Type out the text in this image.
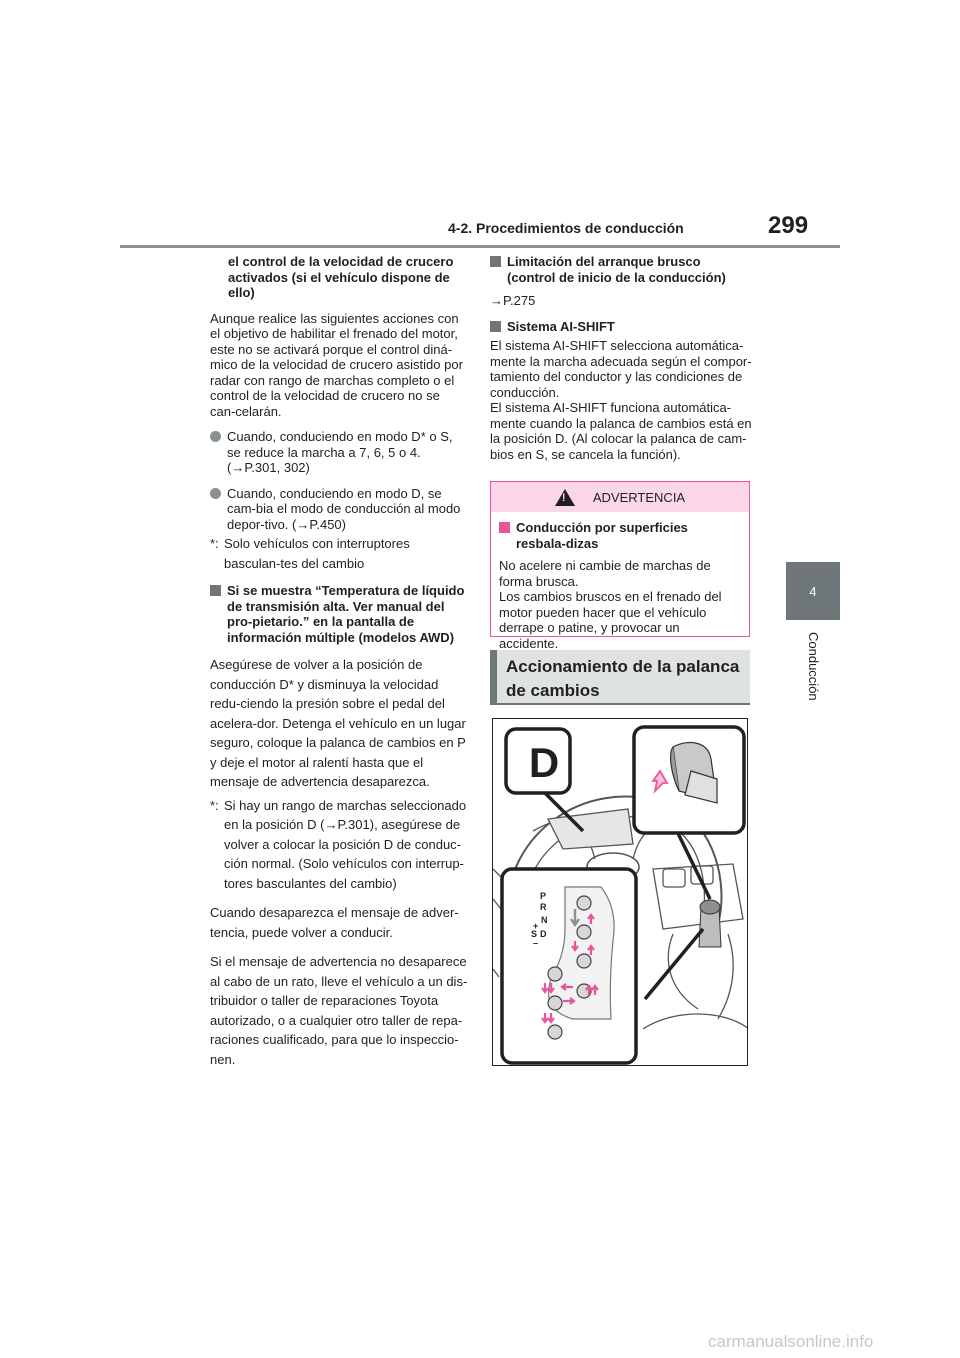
299
4-2. Procedimientos de conducción
4
Conducción

el control de la velocidad de crucero activados (si el vehículo dispone de ello)

Aunque realice las siguientes acciones con el objetivo de habilitar el frenado del motor, este no se activará porque el control diná-mico de la velocidad de crucero asistido por radar con rango de marchas completo o el control de la velocidad de crucero no se can-celarán.

Cuando, conduciendo en modo D* o S, se reduce la marcha a 7, 6, 5 o 4. (→P.301, 302)
Cuando, conduciendo en modo D, se cam-bia el modo de conducción al modo depor-tivo. (→P.450)
*: Solo vehículos con interruptores basculan-tes del cambio
Si se muestra “Temperatura de líquido de transmisión alta. Ver manual del pro-pietario.” en la pantalla de información múltiple (modelos AWD)

Asegúrese de volver a la posición de conducción D* y disminuya la velocidad redu-ciendo la presión sobre el pedal del acelera-dor. Detenga el vehículo en un lugar seguro, coloque la palanca de cambios en P y deje el motor al ralentí hasta que el mensaje de advertencia desaparezca.

*: Si hay un rango de marchas seleccionado en la posición D (→P.301), asegúrese de volver a colocar la posición D de conduc-ción normal. (Solo vehículos con interrup-tores basculantes del cambio)

Cuando desaparezca el mensaje de adver-tencia, puede volver a conducir.

Si el mensaje de advertencia no desaparece al cabo de un rato, lleve el vehículo a un dis-tribuidor o taller de reparaciones Toyota autorizado, o a cualquier otro taller de repa-raciones cualificado, para que lo inspeccio-nen.

Limitación del arranque brusco (control de inicio de la conducción)

→P.275

Sistema AI-SHIFT

El sistema AI-SHIFT selecciona automática-mente la marcha adecuada según el compor-tamiento del conductor y las condiciones de conducción.

El sistema AI-SHIFT funciona automática-mente cuando la palanca de cambios está en la posición D. (Al colocar la palanca de cam-bios en S, se cancela la función).

! ADVERTENCIA
Conducción por superficies resbala-dizas

No acelere ni cambie de marchas de forma brusca.

Los cambios bruscos en el frenado del motor pueden hacer que el vehículo derrape o patine, y provocar un accidente.

Accionamiento de la palanca de cambios
D
P
R
N
+
S D
–
carmanualsonline.info
